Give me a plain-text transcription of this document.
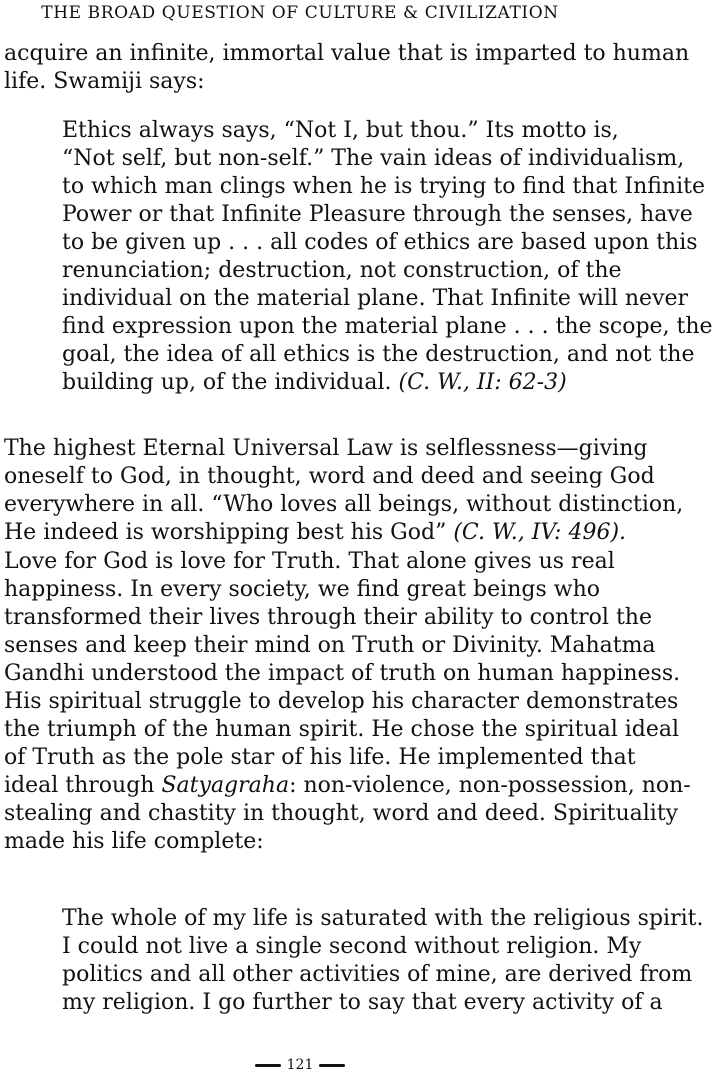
THE BROAD QUESTION OF CULTURE & CIVILIZATION
acquire an infinite, immortal value that is imparted to human
life. Swamiji says:
Ethics always says, “Not I, but thou.” Its motto is,
“Not self, but non-self.” The vain ideas of individualism,
to which man clings when he is trying to find that Infinite
Power or that Infinite Pleasure through the senses, have
to be given up . . . all codes of ethics are based upon this
renunciation; destruction, not construction, of the
individual on the material plane. That Infinite will never
find expression upon the material plane . . . the scope, the
goal, the idea of all ethics is the destruction, and not the
building up, of the individual. (C. W., II: 62-3)
The highest Eternal Universal Law is selflessness—giving
oneself to God, in thought, word and deed and seeing God
everywhere in all. “Who loves all beings, without distinction,
He indeed is worshipping best his God” (C. W., IV: 496).
Love for God is love for Truth. That alone gives us real
happiness. In every society, we find great beings who
transformed their lives through their ability to control the
senses and keep their mind on Truth or Divinity. Mahatma
Gandhi understood the impact of truth on human happiness.
His spiritual struggle to develop his character demonstrates
the triumph of the human spirit. He chose the spiritual ideal
of Truth as the pole star of his life. He implemented that
ideal through Satyagraha: non-violence, non-possession, non-
stealing and chastity in thought, word and deed. Spirituality
made his life complete:
The whole of my life is saturated with the religious spirit.
I could not live a single second without religion. My
politics and all other activities of mine, are derived from
my religion. I go further to say that every activity of a
121
